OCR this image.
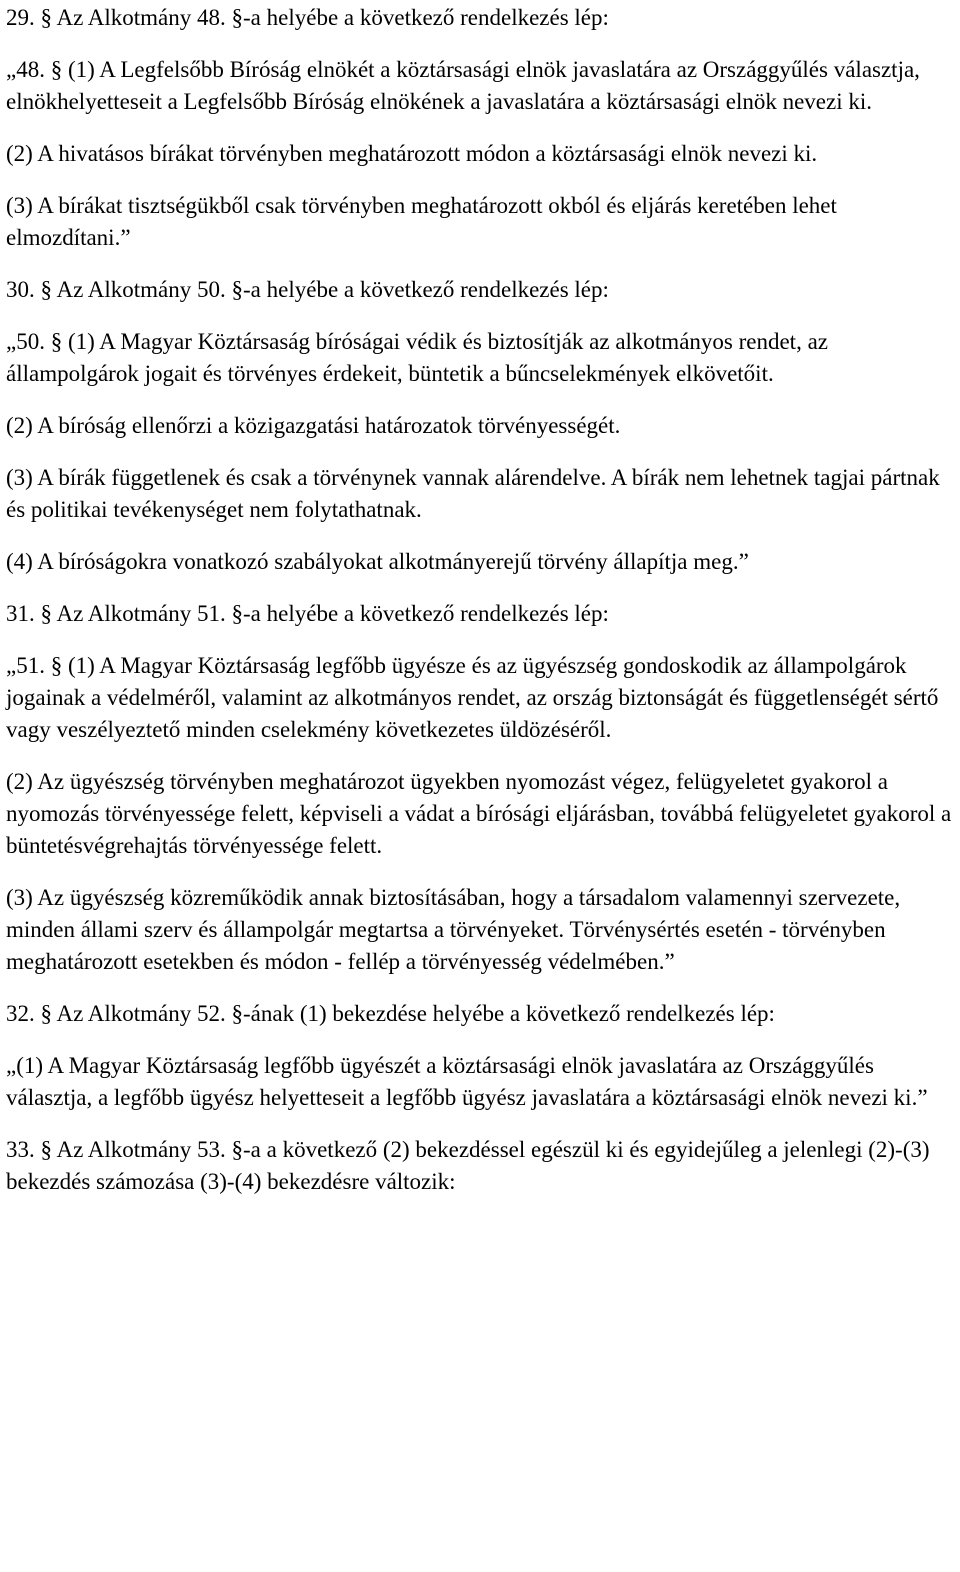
29. § Az Alkotmány 48. §-a helyébe a következő rendelkezés lép:

„48. § (1) A Legfelsőbb Bíróság elnökét a köztársasági elnök javaslatára az Országgyűlés választja, elnökhelyetteseit a Legfelsőbb Bíróság elnökének a javaslatára a köztársasági elnök nevezi ki.

(2) A hivatásos bírákat törvényben meghatározott módon a köztársasági elnök nevezi ki.

(3) A bírákat tisztségükből csak törvényben meghatározott okból és eljárás keretében lehet elmozdítani.”

30. § Az Alkotmány 50. §-a helyébe a következő rendelkezés lép:

„50. § (1) A Magyar Köztársaság bíróságai védik és biztosítják az alkotmányos rendet, az állampolgárok jogait és törvényes érdekeit, büntetik a bűncselekmények elkövetőit.

(2) A bíróság ellenőrzi a közigazgatási határozatok törvényességét.

(3) A bírák függetlenek és csak a törvénynek vannak alárendelve. A bírák nem lehetnek tagjai pártnak és politikai tevékenységet nem folytathatnak.

(4) A bíróságokra vonatkozó szabályokat alkotmányerejű törvény állapítja meg.”

31. § Az Alkotmány 51. §-a helyébe a következő rendelkezés lép:

„51. § (1) A Magyar Köztársaság legfőbb ügyésze és az ügyészség gondoskodik az állampolgárok jogainak a védelméről, valamint az alkotmányos rendet, az ország biztonságát és függetlenségét sértő vagy veszélyeztető minden cselekmény következetes üldözéséről.

(2) Az ügyészség törvényben meghatározot ügyekben nyomozást végez, felügyeletet gyakorol a nyomozás törvényessége felett, képviseli a vádat a bírósági eljárásban, továbbá felügyeletet gyakorol a büntetésvégrehajtás törvényessége felett.

(3) Az ügyészség közreműködik annak biztosításában, hogy a társadalom valamennyi szervezete, minden állami szerv és állampolgár megtartsa a törvényeket. Törvénysértés esetén - törvényben meghatározott esetekben és módon - fellép a törvényesség védelmében.”

32. § Az Alkotmány 52. §-ának (1) bekezdése helyébe a következő rendelkezés lép:

„(1) A Magyar Köztársaság legfőbb ügyészét a köztársasági elnök javaslatára az Országgyűlés választja, a legfőbb ügyész helyetteseit a legfőbb ügyész javaslatára a köztársasági elnök nevezi ki.”

33. § Az Alkotmány 53. §-a a következő (2) bekezdéssel egészül ki és egyidejűleg a jelenlegi (2)-(3) bekezdés számozása (3)-(4) bekezdésre változik:
